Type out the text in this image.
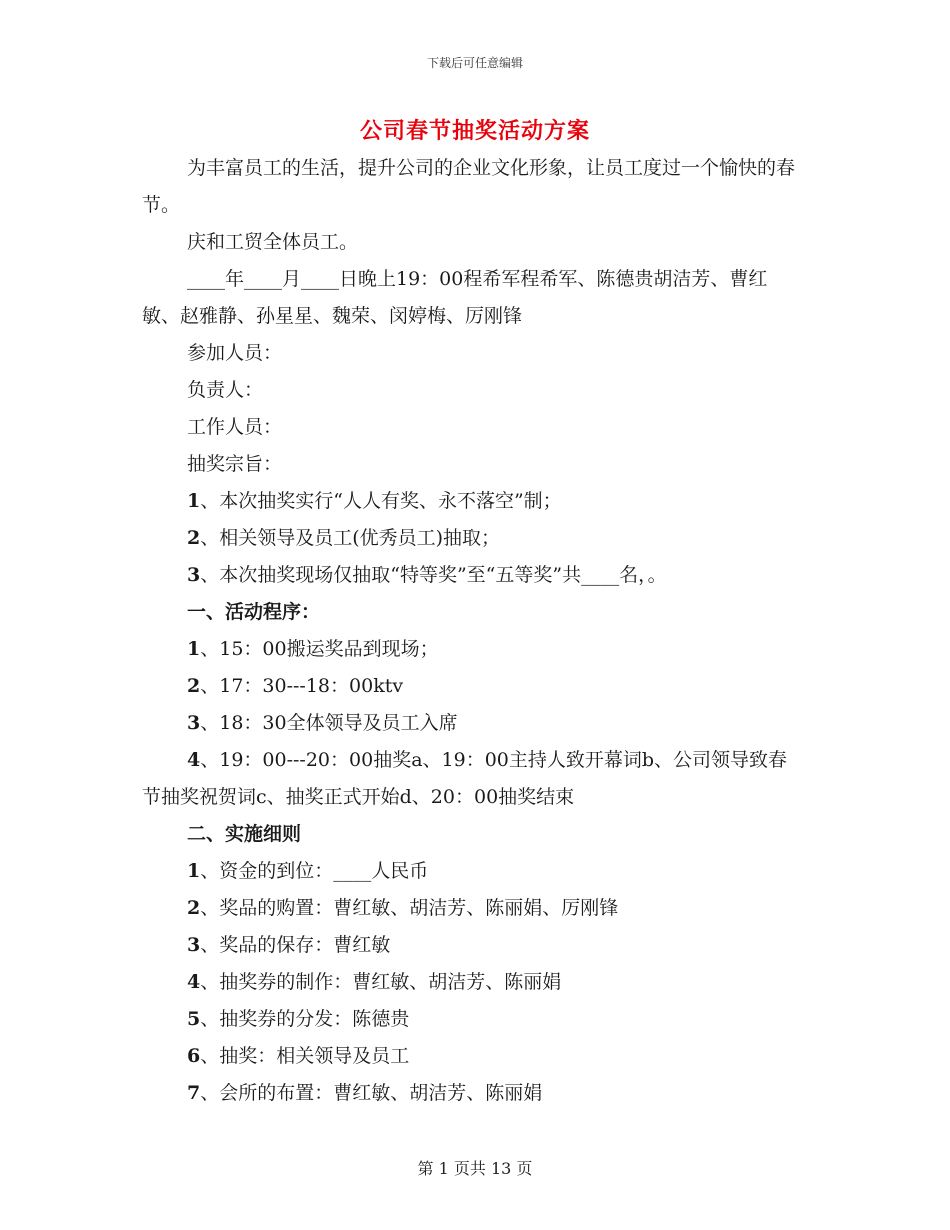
下载后可任意编辑
公司春节抽奖活动方案

为丰富员工的生活，提升公司的企业文化形象，让员工度过一个愉快的春节。

庆和工贸全体员工。

____年____月____日晚上19：00程希军程希军、陈德贵胡洁芳、曹红敏、赵雅静、孙星星、魏荣、闵婷梅、厉刚锋

参加人员：

负责人：

工作人员：

抽奖宗旨：

1、本次抽奖实行“人人有奖、永不落空”制；
2、相关领导及员工(优秀员工)抽取；
3、本次抽奖现场仅抽取“特等奖”至“五等奖”共____名，。
一、活动程序：
1、15：00搬运奖品到现场；
2、17：30---18：00ktv
3、18：30全体领导及员工入席

4、19：00---20：00抽奖a、19：00主持人致开幕词b、公司领导致春节抽奖祝贺词c、抽奖正式开始d、20：00抽奖结束

二、实施细则
1、资金的到位：____人民币
2、奖品的购置：曹红敏、胡洁芳、陈丽娟、厉刚锋
3、奖品的保存：曹红敏
4、抽奖券的制作：曹红敏、胡洁芳、陈丽娟
5、抽奖券的分发：陈德贵
6、抽奖：相关领导及员工
7、会所的布置：曹红敏、胡洁芳、陈丽娟
第 1 页共 13 页
